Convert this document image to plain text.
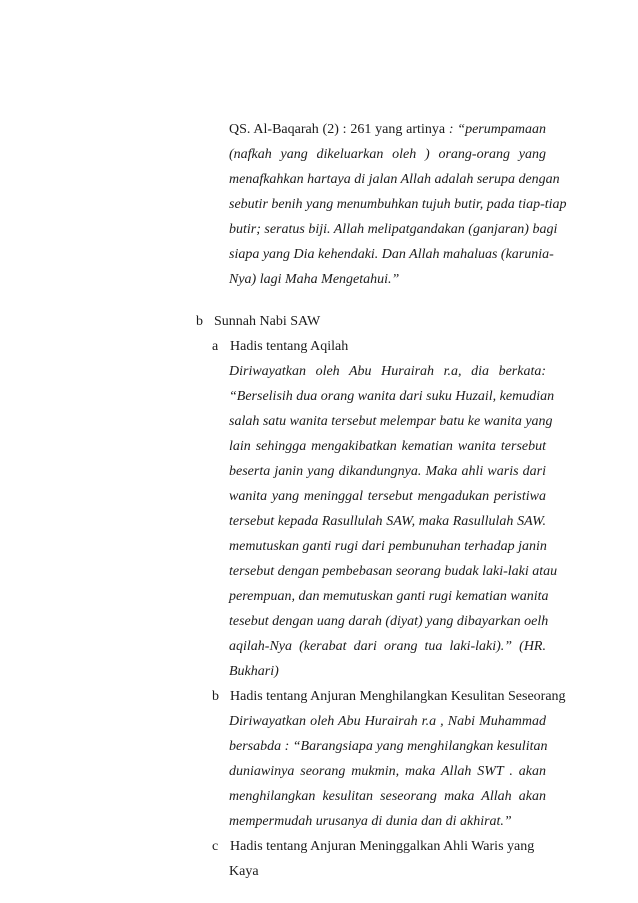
QS. Al-Baqarah (2) : 261 yang artinya : “perumpamaan
(nafkah yang dikeluarkan oleh ) orang-orang yang
menafkahkan hartaya di jalan Allah adalah serupa dengan
sebutir benih yang menumbuhkan tujuh butir, pada tiap-tiap
butir; seratus biji. Allah melipatgandakan (ganjaran) bagi
siapa yang Dia kehendaki. Dan Allah mahaluas (karunia-
Nya) lagi Maha Mengetahui.”
bSunnah Nabi SAW
aHadis tentang Aqilah
Diriwayatkan oleh Abu Hurairah r.a, dia berkata:
“Berselisih dua orang wanita dari suku Huzail, kemudian
salah satu wanita tersebut melempar batu ke wanita yang
lain sehingga mengakibatkan kematian wanita tersebut
beserta janin yang dikandungnya. Maka ahli waris dari
wanita yang meninggal tersebut mengadukan peristiwa
tersebut kepada Rasullulah SAW, maka Rasullulah SAW.
memutuskan ganti rugi dari pembunuhan terhadap janin
tersebut dengan pembebasan seorang budak laki-laki atau
perempuan, dan memutuskan ganti rugi kematian wanita
tesebut dengan uang darah (diyat) yang dibayarkan oelh
aqilah-Nya (kerabat dari orang tua laki-laki).” (HR.
Bukhari)
bHadis tentang Anjuran Menghilangkan Kesulitan Seseorang
Diriwayatkan oleh Abu Hurairah r.a , Nabi Muhammad
bersabda : “Barangsiapa yang menghilangkan kesulitan
duniawinya seorang mukmin, maka Allah SWT . akan
menghilangkan kesulitan seseorang maka Allah akan
mempermudah urusanya di dunia dan di akhirat.”
cHadis tentang Anjuran Meninggalkan Ahli Waris yang
Kaya
